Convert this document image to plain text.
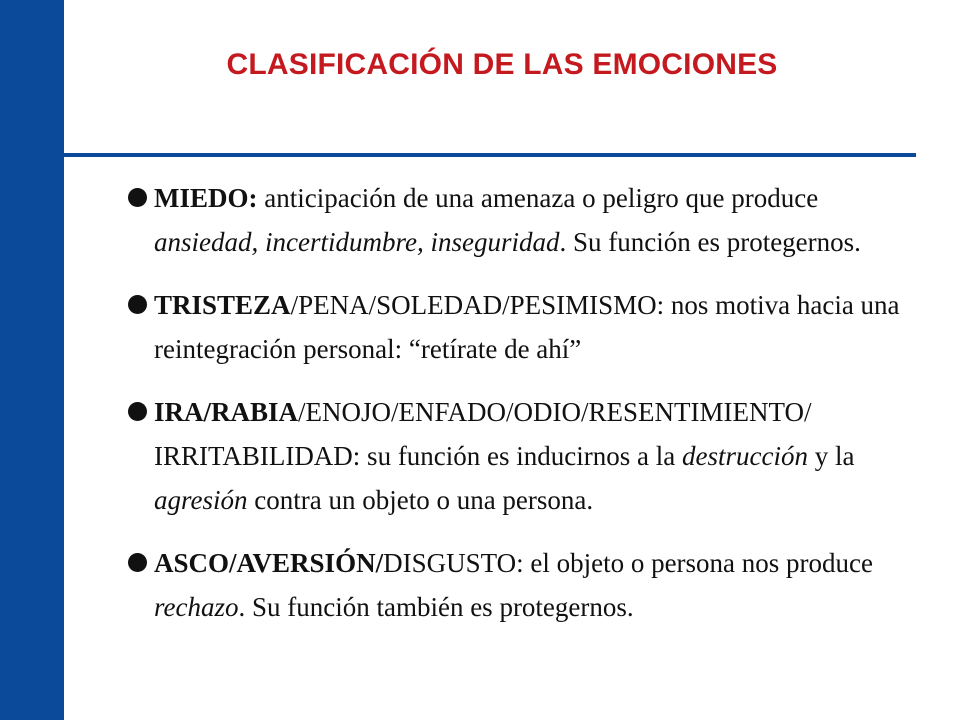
CLASIFICACIÓN DE LAS EMOCIONES
MIEDO: anticipación de una amenaza o peligro que produce ansiedad, incertidumbre, inseguridad. Su función es protegernos.
TRISTEZA/PENA/SOLEDAD/PESIMISMO: nos motiva hacia una reintegración personal: “retírate de ahí”
IRA/RABIA/ENOJO/ENFADO/ODIO/RESENTIMIENTO/ IRRITABILIDAD: su función es inducirnos a la destrucción y la agresión contra un objeto o una persona.
ASCO/AVERSIÓN/DISGUSTO: el objeto o persona nos produce rechazo. Su función también es protegernos.
